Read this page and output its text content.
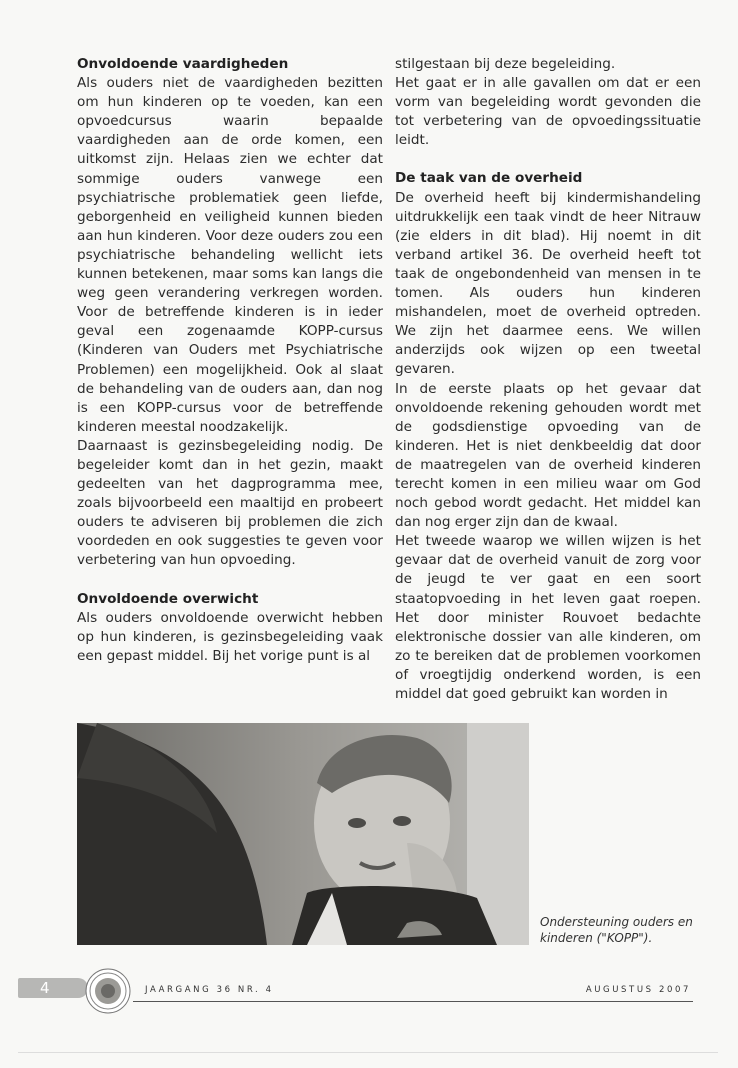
Onvoldoende vaardigheden

Als ouders niet de vaardigheden bezitten om hun kinderen op te voeden, kan een opvoedcursus waarin bepaalde vaardigheden aan de orde komen, een uitkomst zijn. Helaas zien we echter dat sommige ouders vanwege een psychiatrische problematiek geen liefde, geborgenheid en veiligheid kunnen bieden aan hun kinderen. Voor deze ouders zou een psychiatrische behandeling wellicht iets kunnen betekenen, maar soms kan langs die weg geen verandering verkregen worden. Voor de betreffende kinderen is in ieder geval een zogenaamde KOPP-cursus (Kinderen van Ouders met Psychiatrische Problemen) een mogelijkheid. Ook al slaat de behandeling van de ouders aan, dan nog is een KOPP-cursus voor de betreffende kinderen meestal noodzakelijk.

Daarnaast is gezinsbegeleiding nodig. De begeleider komt dan in het gezin, maakt gedeelten van het dagprogramma mee, zoals bijvoorbeeld een maaltijd en probeert ouders te adviseren bij problemen die zich voordeden en ook suggesties te geven voor verbetering van hun opvoeding.

Onvoldoende overwicht

Als ouders onvoldoende overwicht hebben op hun kinderen, is gezinsbegeleiding vaak een gepast middel. Bij het vorige punt is al

stilgestaan bij deze begeleiding.

Het gaat er in alle gavallen om dat er een vorm van begeleiding wordt gevonden die tot verbetering van de opvoedingssituatie leidt.

De taak van de overheid

De overheid heeft bij kindermishandeling uitdrukkelijk een taak vindt de heer Nitrauw (zie elders in dit blad). Hij noemt in dit verband artikel 36. De overheid heeft tot taak de ongebondenheid van mensen in te tomen. Als ouders hun kinderen mishandelen, moet de overheid optreden. We zijn het daarmee eens. We willen anderzijds ook wijzen op een tweetal gevaren.

In de eerste plaats op het gevaar dat onvoldoende rekening gehouden wordt met de godsdienstige opvoeding van de kinderen. Het is niet denkbeeldig dat door de maatregelen van de overheid kinderen terecht komen in een milieu waar om God noch gebod wordt gedacht. Het middel kan dan nog erger zijn dan de kwaal.

Het tweede waarop we willen wijzen is het gevaar dat de overheid vanuit de zorg voor de jeugd te ver gaat en een soort staatopvoeding in het leven gaat roepen. Het door minister Rouvoet bedachte elektronische dossier van alle kinderen, om zo te bereiken dat de problemen voorkomen of vroegtijdig onderkend worden, is een middel dat goed gebruikt kan worden in

Ondersteuning ouders en kinderen ("KOPP").
4	JAARGANG 36 NR. 4	AUGUSTUS 2007
